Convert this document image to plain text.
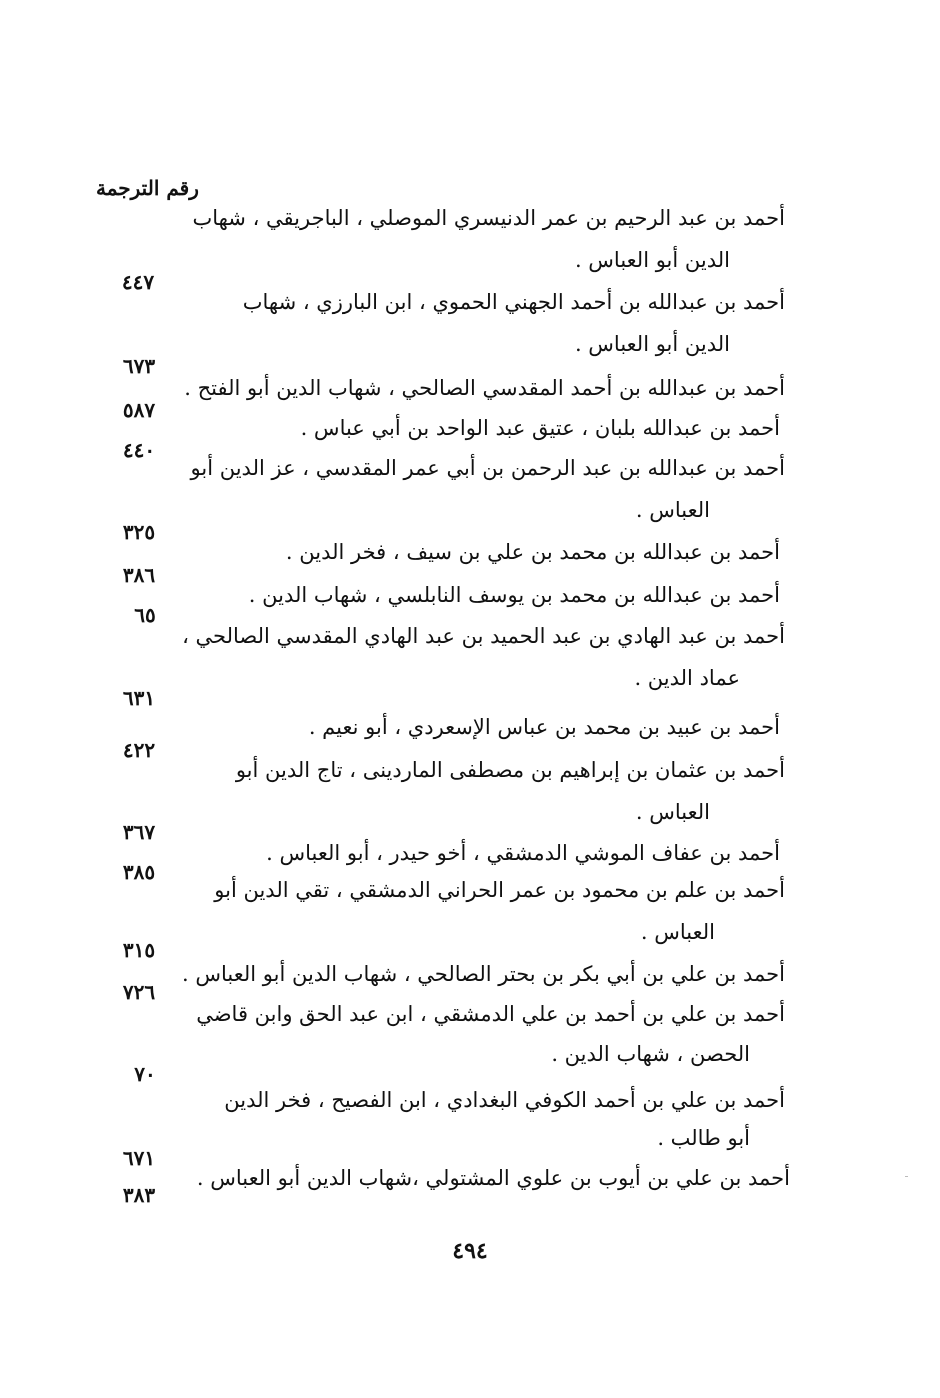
رقم الترجمة
أحمد بن عبد الرحيم بن عمر الدنيسري الموصلي ، الباجريقي ، شهاب
الدين أبو العباس .
٤٤٧
أحمد بن عبدالله بن أحمد الجهني الحموي ، ابن البارزي ، شهاب
الدين أبو العباس .
٦٧٣
أحمد بن عبدالله بن أحمد المقدسي الصالحي ، شهاب الدين أبو الفتح .
٥٨٧
أحمد بن عبدالله بلبان ، عتيق عبد الواحد بن أبي عباس .
٤٤٠
أحمد بن عبدالله بن عبد الرحمن بن أبي عمر المقدسي ، عز الدين أبو
العباس .
٣٢٥
أحمد بن عبدالله بن محمد بن علي بن سيف ، فخر الدين .
٣٨٦
أحمد بن عبدالله بن محمد بن يوسف النابلسي ، شهاب الدين .
٦٥
أحمد بن عبد الهادي بن عبد الحميد بن عبد الهادي المقدسي الصالحي ،
عماد الدين .
٦٣١
أحمد بن عبيد بن محمد بن عباس الإسعردي ، أبو نعيم .
٤٢٢
أحمد بن عثمان بن إبراهيم بن مصطفى الماردينى ، تاج الدين أبو
العباس .
٣٦٧
أحمد بن عفاف الموشي الدمشقي ، أخو حيدر ، أبو العباس .
٣٨٥
أحمد بن علم بن محمود بن عمر الحراني الدمشقي ، تقي الدين أبو
العباس .
٣١٥
أحمد بن علي بن أبي بكر بن بحتر الصالحي ، شهاب الدين أبو العباس .
٧٢٦
أحمد بن علي بن أحمد بن علي الدمشقي ، ابن عبد الحق وابن قاضي
الحصن ، شهاب الدين .
٧٠
أحمد بن علي بن أحمد الكوفي البغدادي ، ابن الفصيح ، فخر الدين
أبو طالب .
٦٧١
أحمد بن علي بن أيوب بن علوي المشتولي ،شهاب الدين أبو العباس .
٣٨٣
٤٩٤
